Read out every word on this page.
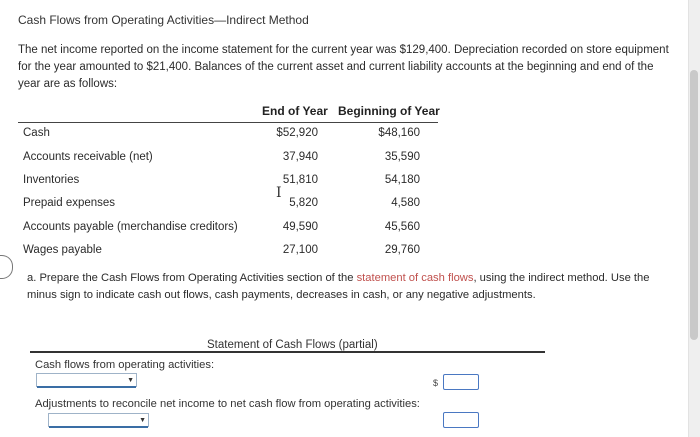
Cash Flows from Operating Activities—Indirect Method
The net income reported on the income statement for the current year was $129,400. Depreciation recorded on store equipment for the year amounted to $21,400. Balances of the current asset and current liability accounts at the beginning and end of the year are as follows:
End of Year Beginning of Year
Cash	$52,920	$48,160
Accounts receivable (net)	37,940	35,590
Inventories	51,810	54,180
Prepaid expenses	5,820	4,580
Accounts payable (merchandise creditors)	49,590	45,560
Wages payable	27,100	29,760
I
a. Prepare the Cash Flows from Operating Activities section of the statement of cash flows, using the indirect method. Use the minus sign to indicate cash out flows, cash payments, decreases in cash, or any negative adjustments.
Statement of Cash Flows (partial)
Cash flows from operating activities:
▼	$
Adjustments to reconcile net income to net cash flow from operating activities:
▼
